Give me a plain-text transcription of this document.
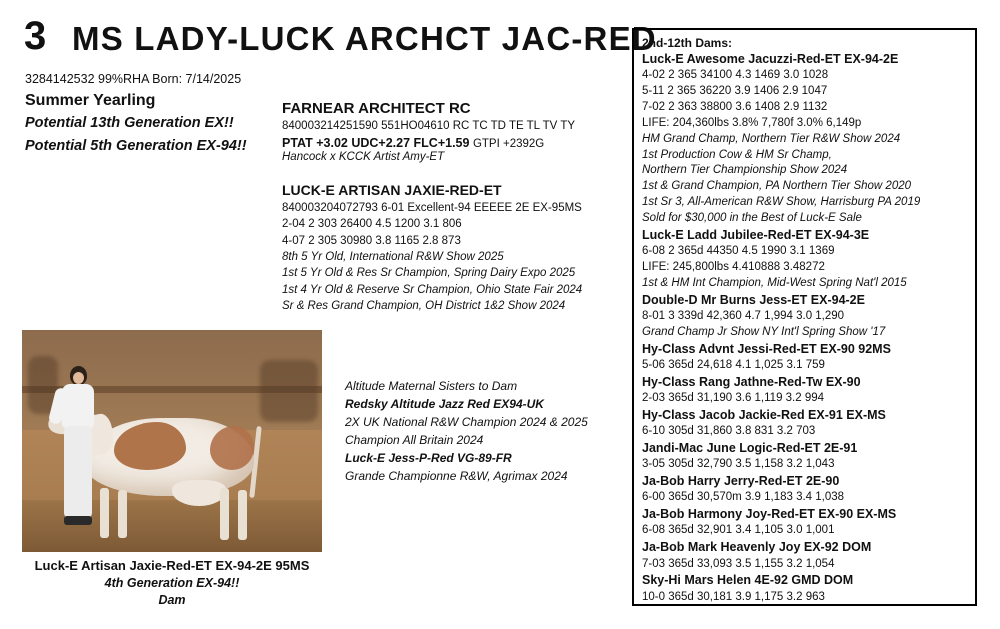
3 MS LADY-LUCK ARCHCT JAC-RED
3284142532 99%RHA Born: 7/14/2025
Summer Yearling
Potential 13th Generation EX!!
Potential 5th Generation EX-94!!
FARNEAR ARCHITECT RC
840003214251590 551HO04610 RC TC TD TE TL TV TY
PTAT +3.02 UDC+2.27 FLC+1.59 GTPI +2392G
Hancock x KCCK Artist Amy-ET
LUCK-E ARTISAN JAXIE-RED-ET
840003204072793 6-01 Excellent-94 EEEEE 2E EX-95MS
2-04 2 303 26400 4.5 1200 3.1 806
4-07 2 305 30980 3.8 1165 2.8 873
8th 5 Yr Old, International R&W Show 2025
1st 5 Yr Old & Res Sr Champion, Spring Dairy Expo 2025
1st 4 Yr Old & Reserve Sr Champion, Ohio State Fair 2024
Sr & Res Grand Champion, OH District 1&2 Show 2024
Luck-E Artisan Jaxie-Red-ET EX-94-2E 95MS
4th Generation EX-94!!
Dam
Altitude Maternal Sisters to Dam
Redsky Altitude Jazz Red EX94-UK
2X UK National R&W Champion 2024 & 2025
Champion All Britain 2024
Luck-E Jess-P-Red VG-89-FR
Grande Championne R&W, Agrimax 2024
2nd-12th Dams:
Luck-E Awesome Jacuzzi-Red-ET EX-94-2E
4-02 2 365 34100 4.3 1469 3.0 1028
5-11 2 365 36220 3.9 1406 2.9 1047
7-02 2 363 38800 3.6 1408 2.9 1132
LIFE: 204,360lbs 3.8% 7,780f 3.0% 6,149p
HM Grand Champ, Northern Tier R&W Show 2024
1st Production Cow & HM Sr Champ,
Northern Tier Championship Show 2024
1st & Grand Champion, PA Northern Tier Show 2020
1st Sr 3, All-American R&W Show, Harrisburg PA 2019
Sold for $30,000 in the Best of Luck-E Sale
Luck-E Ladd Jubilee-Red-ET EX-94-3E
6-08 2 365d 44350 4.5 1990 3.1 1369
LIFE: 245,800lbs 4.410888 3.48272
1st & HM Int Champion, Mid-West Spring Nat'l 2015
Double-D Mr Burns Jess-ET EX-94-2E
8-01 3 339d 42,360 4.7 1,994 3.0 1,290
Grand Champ Jr Show NY Int'l Spring Show '17
Hy-Class Advnt Jessi-Red-ET EX-90 92MS
5-06 365d 24,618 4.1 1,025 3.1 759
Hy-Class Rang Jathne-Red-Tw EX-90
2-03 365d 31,190 3.6 1,119 3.2 994
Hy-Class Jacob Jackie-Red EX-91 EX-MS
6-10 305d 31,860 3.8 831 3.2 703
Jandi-Mac June Logic-Red-ET 2E-91
3-05 305d 32,790 3.5 1,158 3.2 1,043
Ja-Bob Harry Jerry-Red-ET 2E-90
6-00 365d 30,570m 3.9 1,183 3.4 1,038
Ja-Bob Harmony Joy-Red-ET EX-90 EX-MS
6-08 365d 32,901 3.4 1,105 3.0 1,001
Ja-Bob Mark Heavenly Joy EX-92 DOM
7-03 365d 33,093 3.5 1,155 3.2 1,054
Sky-Hi Mars Helen 4E-92 GMD DOM
10-0 365d 30,181 3.9 1,175 3.2 963
